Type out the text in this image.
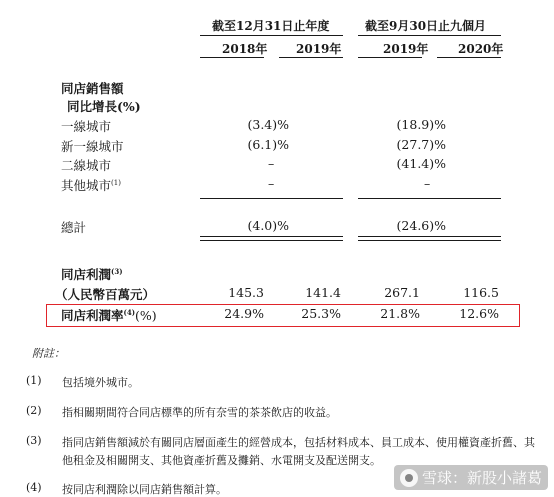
截至12月31日止年度	截至9月30日止九個月
2018年 2019年	2019年 2020年
同店銷售額
同比增長(%)
一線城市	(3.4)%	(18.9)%
新一線城市	(6.1)%	(27.7)%
二線城市	–	(41.4)%
其他城市$^{(1)}$	–	–
總計	(4.0)%	(24.6)%
同店利潤$^{(3)}$
（人民幣百萬元）	145.3	141.4	267.1	116.5
同店利潤率$^{(4)}$(%)	24.9%	25.3%	21.8%	12.6%
附註：
(1) 包括境外城市。
(2) 指相關期間符合同店標準的所有奈雪的茶茶飲店的收益。
(3) 指同店銷售額減於有關同店層面產生的經營成本，包括材料成本、員工成本、使用權資產折舊、其
他租金及相關開支、其他資產折舊及攤銷、水電開支及配送開支。
(4) 按同店利潤除以同店銷售額計算。
雪球：新股小諸葛
